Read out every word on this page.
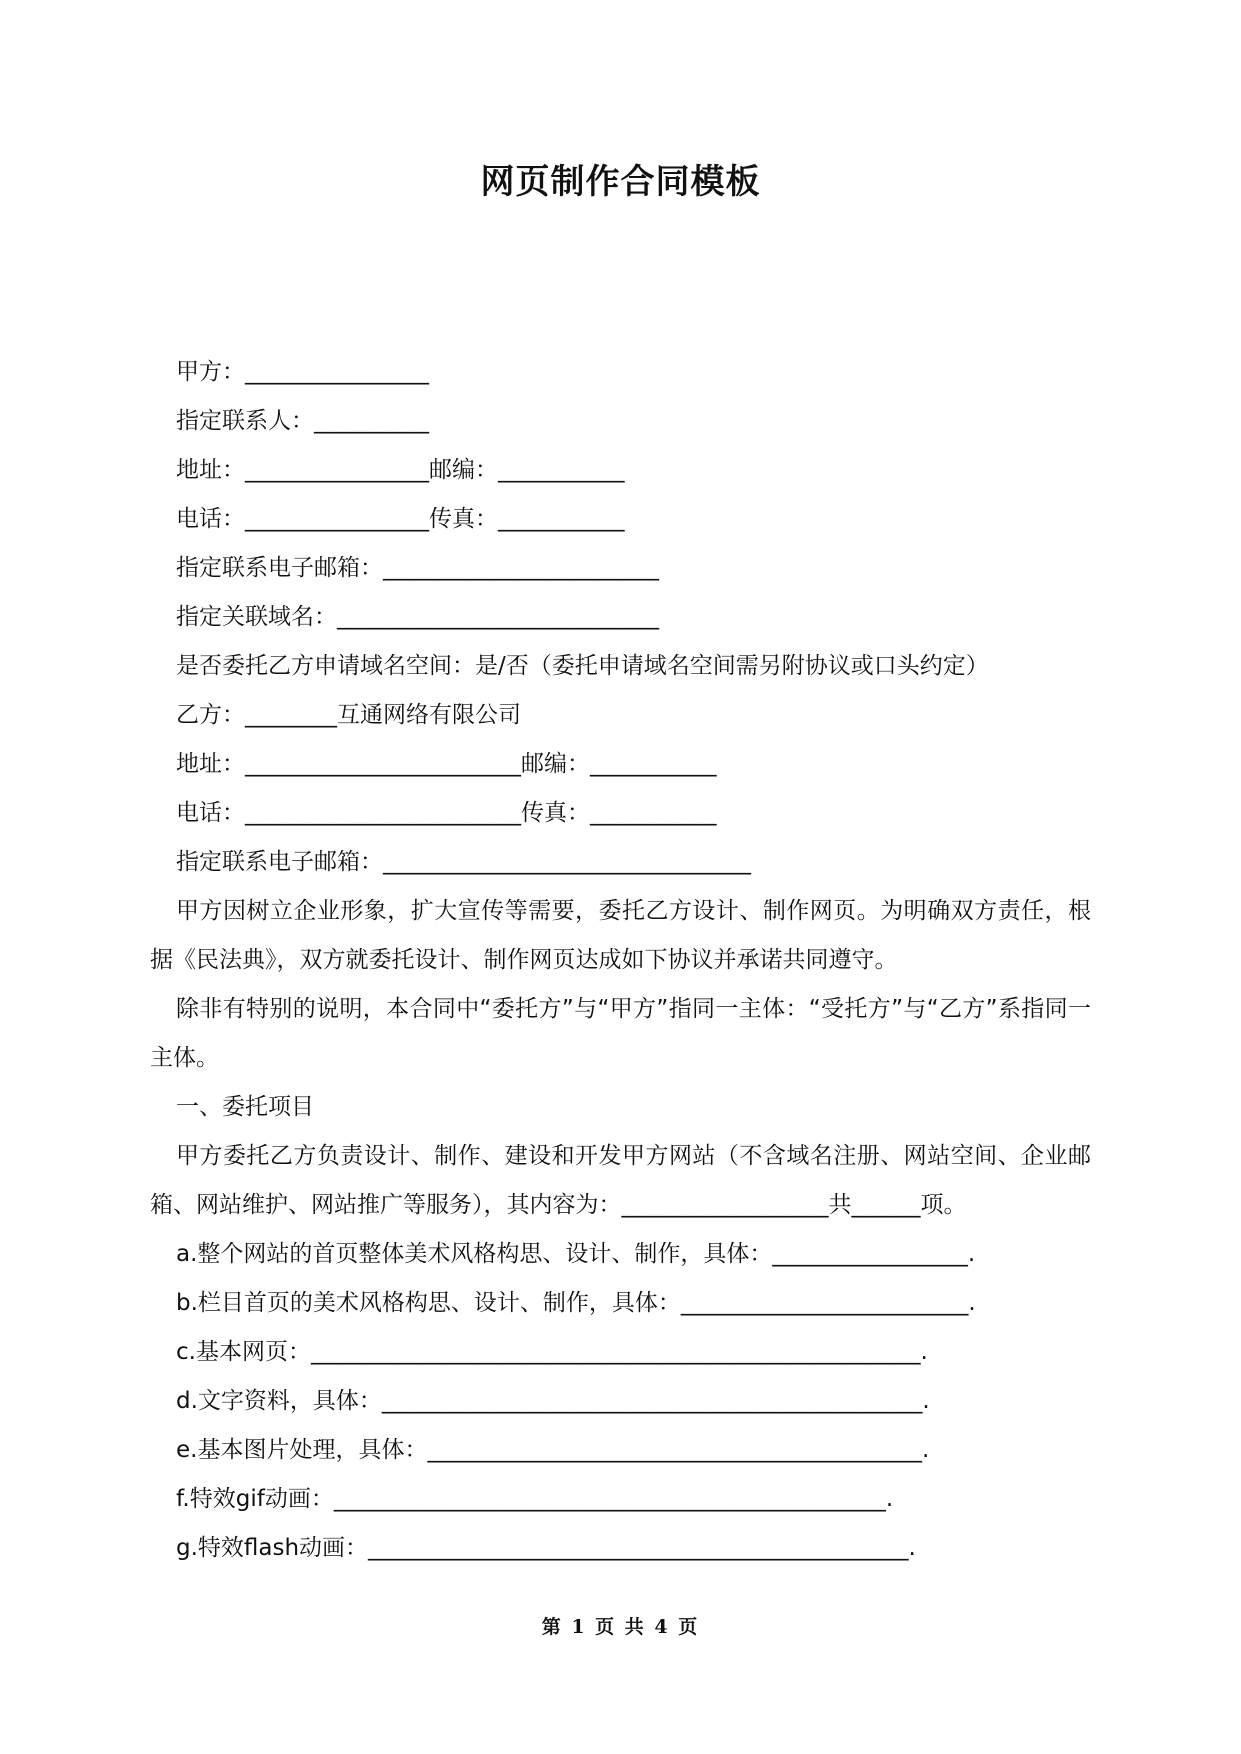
网页制作合同模板
甲方：________________
指定联系人：__________
地址：________________邮编：___________
电话：________________传真：___________
指定联系电子邮箱：________________________
指定关联域名：____________________________
是否委托乙方申请域名空间：是/否（委托申请域名空间需另附协议或口头约定）
乙方：________互通网络有限公司
地址：________________________邮编：___________
电话：________________________传真：___________
指定联系电子邮箱：________________________________
甲方因树立企业形象，扩大宣传等需要，委托乙方设计、制作网页。为明确双方责任，根据《民法典》，双方就委托设计、制作网页达成如下协议并承诺共同遵守。
除非有特别的说明，本合同中“委托方”与“甲方”指同一主体：“受托方”与“乙方”系指同一主体。
一、委托项目
甲方委托乙方负责设计、制作、建设和开发甲方网站（不含域名注册、网站空间、企业邮箱、网站维护、网站推广等服务），其内容为：__________________共______项。
a.整个网站的首页整体美术风格构思、设计、制作，具体：_________________.
b.栏目首页的美术风格构思、设计、制作，具体：_________________________.
c.基本网页：_____________________________________________________.
d.文字资料，具体：_______________________________________________.
e.基本图片处理，具体：___________________________________________.
f.特效gif动画：________________________________________________.
g.特效flash动画：_______________________________________________.
第 1 页 共 4 页
